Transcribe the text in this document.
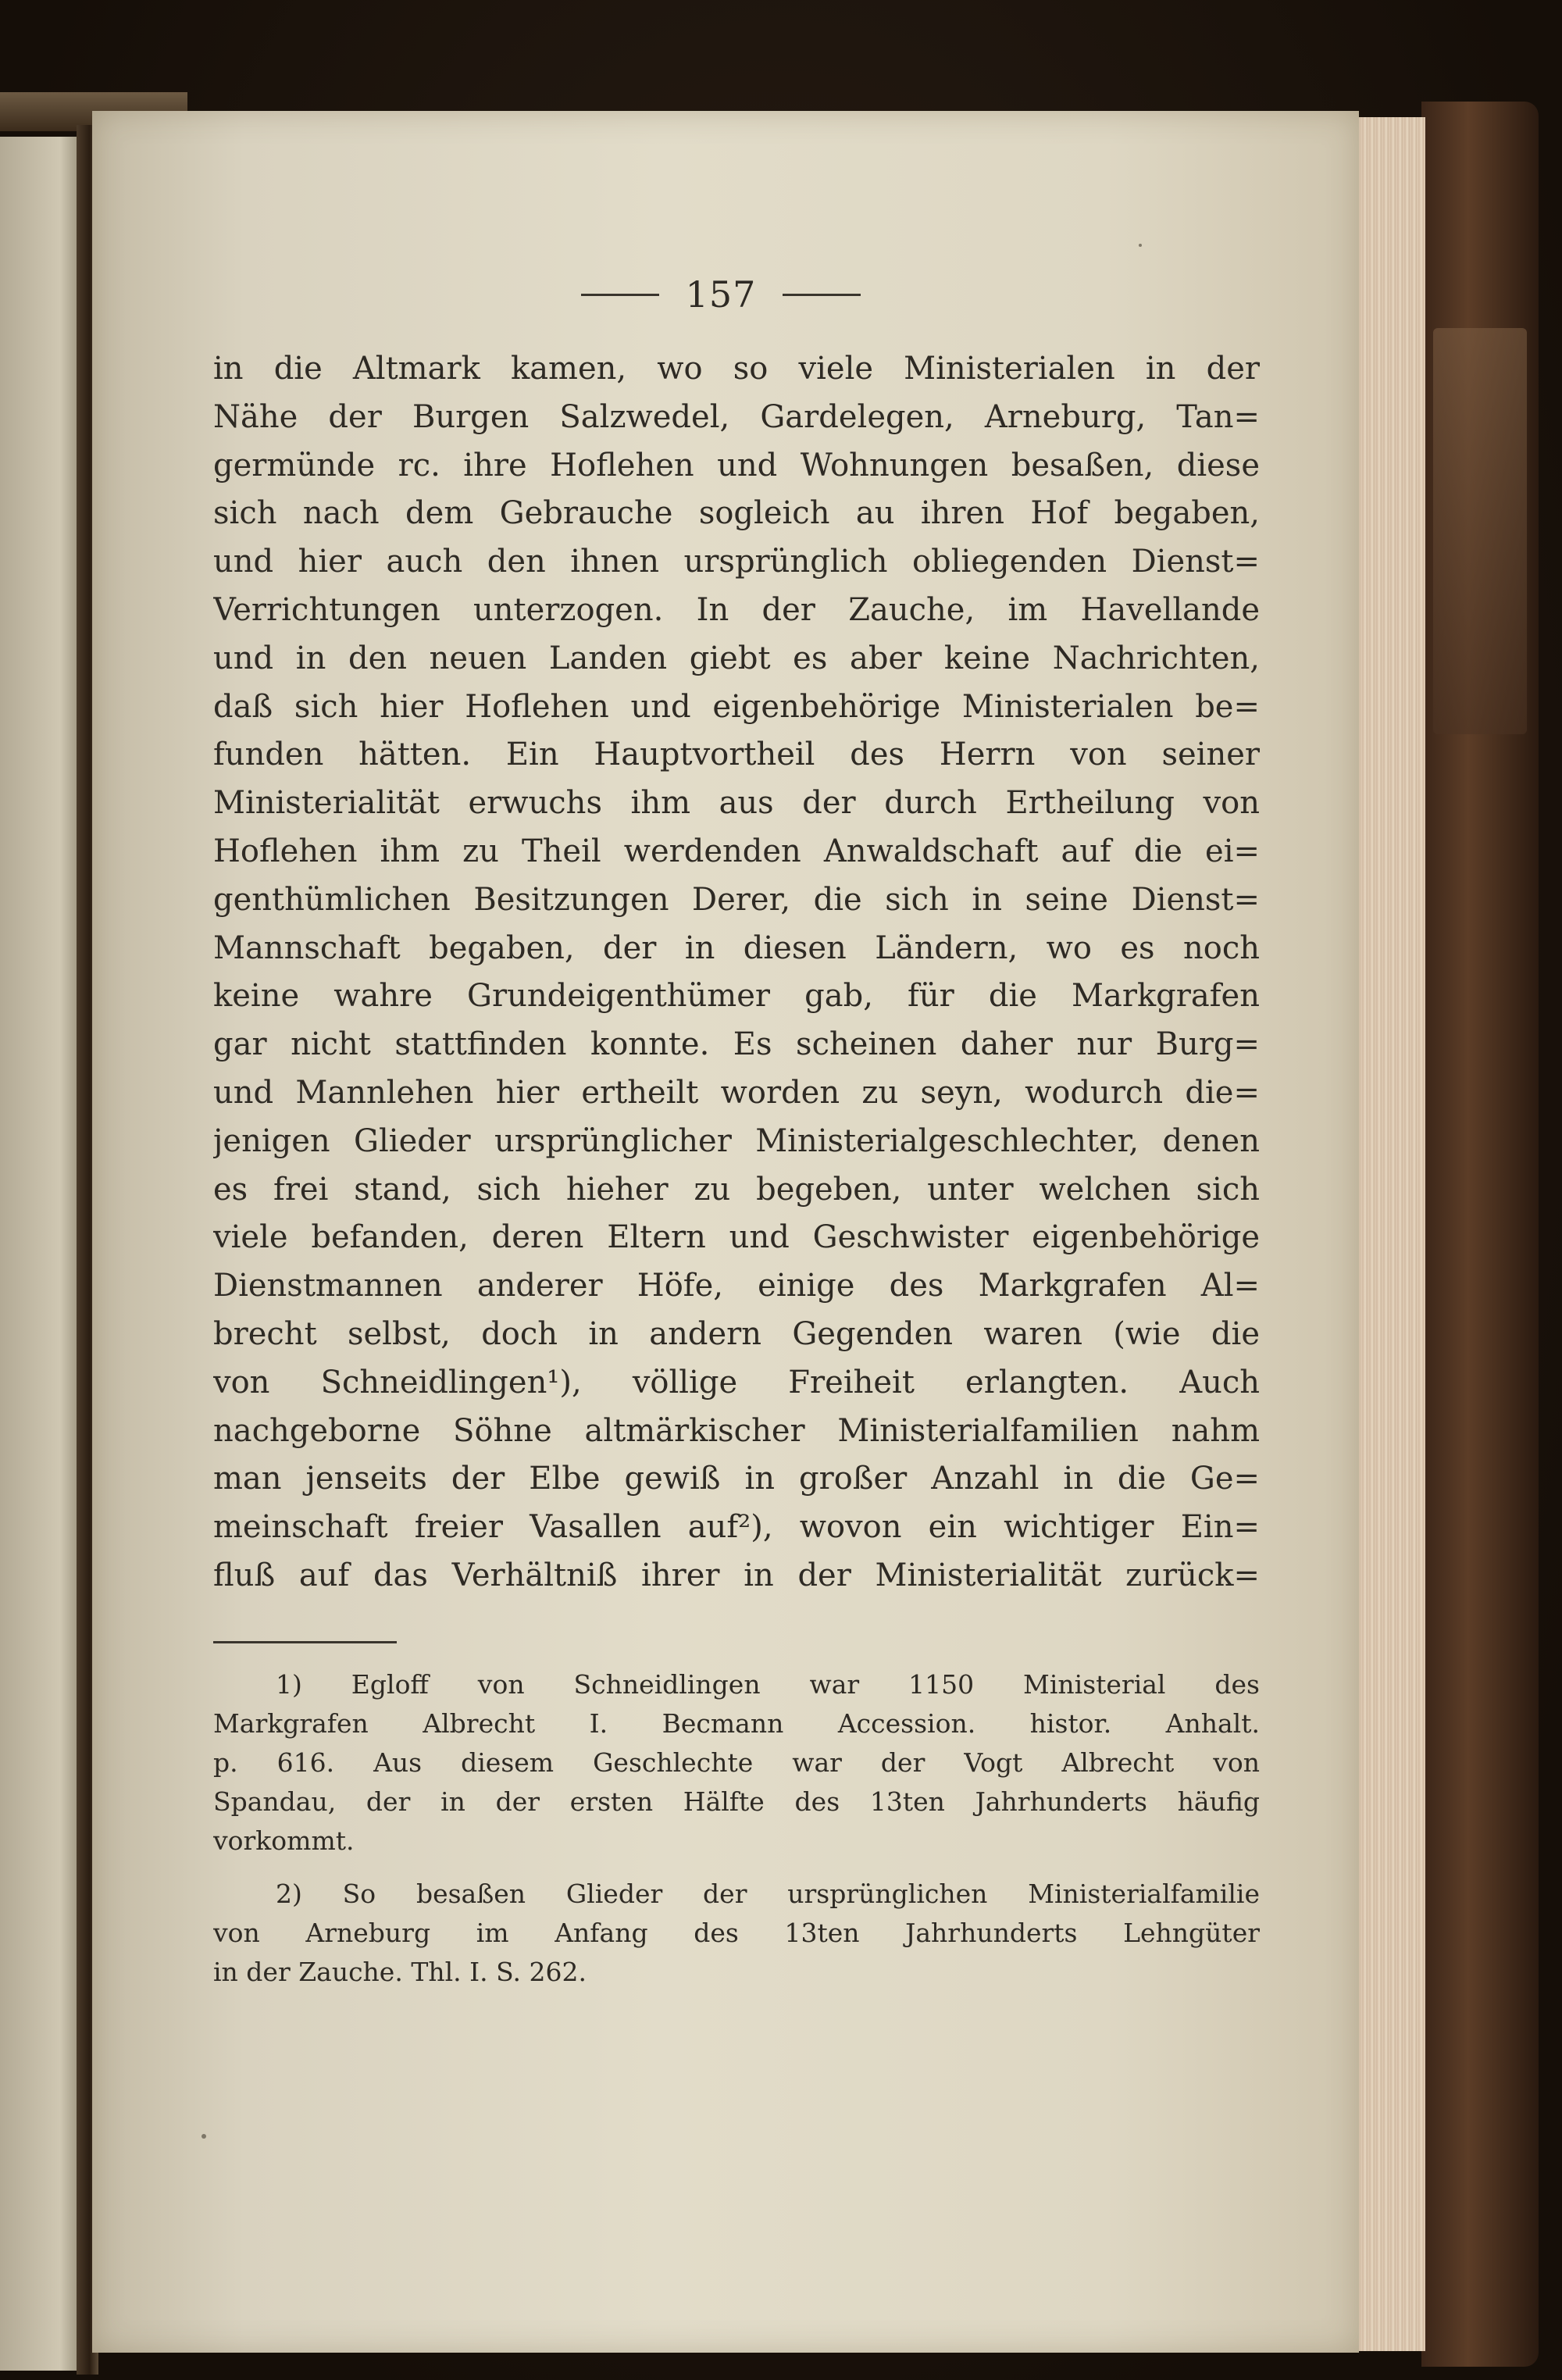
157
in die Altmark kamen, wo so viele Ministerialen in der
Nähe der Burgen Salzwedel, Gardelegen, Arneburg, Tan=
germünde rc. ihre Hoflehen und Wohnungen besaßen, diese
sich nach dem Gebrauche sogleich au ihren Hof begaben,
und hier auch den ihnen ursprünglich obliegenden Dienst=
Verrichtungen unterzogen. In der Zauche, im Havellande
und in den neuen Landen giebt es aber keine Nachrichten,
daß sich hier Hoflehen und eigenbehörige Ministerialen be=
funden hätten. Ein Hauptvortheil des Herrn von seiner
Ministerialität erwuchs ihm aus der durch Ertheilung von
Hoflehen ihm zu Theil werdenden Anwaldschaft auf die ei=
genthümlichen Besitzungen Derer, die sich in seine Dienst=
Mannschaft begaben, der in diesen Ländern, wo es noch
keine wahre Grundeigenthümer gab, für die Markgrafen
gar nicht stattfinden konnte. Es scheinen daher nur Burg=
und Mannlehen hier ertheilt worden zu seyn, wodurch die=
jenigen Glieder ursprünglicher Ministerialgeschlechter, denen
es frei stand, sich hieher zu begeben, unter welchen sich
viele befanden, deren Eltern und Geschwister eigenbehörige
Dienstmannen anderer Höfe, einige des Markgrafen Al=
brecht selbst, doch in andern Gegenden waren (wie die
von Schneidlingen¹), völlige Freiheit erlangten. Auch
nachgeborne Söhne altmärkischer Ministerialfamilien nahm
man jenseits der Elbe gewiß in großer Anzahl in die Ge=
meinschaft freier Vasallen auf²), wovon ein wichtiger Ein=
fluß auf das Verhältniß ihrer in der Ministerialität zurück=
1) Egloff von Schneidlingen war 1150 Ministerial des
Markgrafen Albrecht I. Becmann Accession. histor. Anhalt.
p. 616. Aus diesem Geschlechte war der Vogt Albrecht von
Spandau, der in der ersten Hälfte des 13ten Jahrhunderts häufig
vorkommt.
2) So besaßen Glieder der ursprünglichen Ministerialfamilie
von Arneburg im Anfang des 13ten Jahrhunderts Lehngüter
in der Zauche. Thl. I. S. 262.
